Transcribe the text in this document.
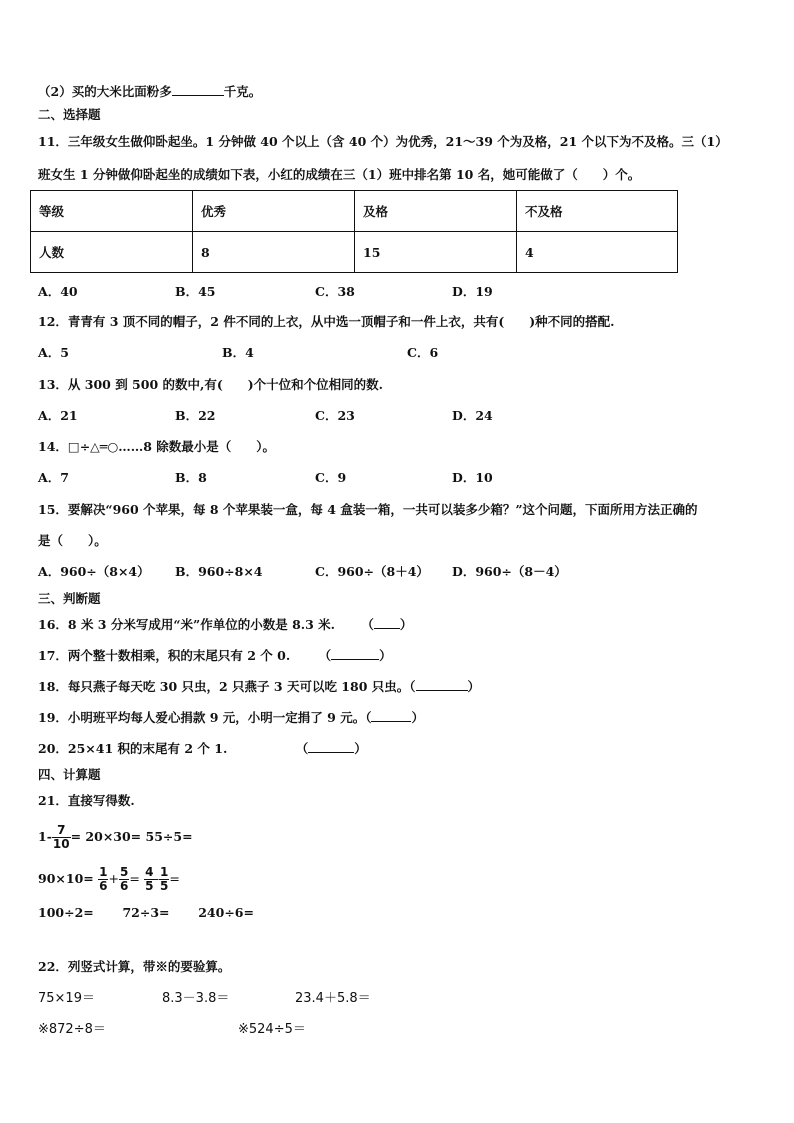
（2）买的大米比面粉多	千克。
二、选择题
11．三年级女生做仰卧起坐。1 分钟做 40 个以上（含 40 个）为优秀，21～39 个为及格，21 个以下为不及格。三（1）
班女生 1 分钟做仰卧起坐的成绩如下表，小红的成绩在三（1）班中排名第 10 名，她可能做了（　　）个。
等级	优秀	及格	不及格
人数	8	15	4
A．40	B．45	C．38	D．19
12．青青有 3 顶不同的帽子，2 件不同的上衣，从中选一顶帽子和一件上衣，共有(　　)种不同的搭配.
A．5	B．4	C．6
13．从 300 到 500 的数中,有(　　)个十位和个位相同的数.
A．21	B．22	C．23	D．24
14．□÷△═○……8 除数最小是（　　）。
A．7	B．8	C．9	D．10
15．要解决“960 个苹果，每 8 个苹果装一盒，每 4 盒装一箱，一共可以装多少箱？”这个问题，下面所用方法正确的
是（　　）。
A．960÷（8×4） B．960÷8×4	C．960÷（8＋4） D．960÷（8－4）
三、判断题
16．8 米 3 分米写成用“米”作单位的小数是 8.3 米. （ ）
17．两个整十数相乘，积的末尾只有 2 个 0. （	）
18．每只燕子每天吃 30 只虫，2 只燕子 3 天可以吃 180 只虫。（	）
19．小明班平均每人爱心捐款 9 元，小明一定捐了 9 元。（	）
20．25×41 积的末尾有 2 个 1.	（	）
四、计算题
21．直接写得数.
$1- \frac{7}{10} = 20\times 30= 55\div 5=$
$90\times 10= \frac{1}{6} + \frac{5}{6} = \frac{4}{5} - \frac{1}{5}$ =
100÷2= 72÷3= 240÷6=
22．列竖式计算，带※的要验算。
75×19＝	8.3－3.8＝	23.4＋5.8＝
※872÷8＝	※524÷5＝
